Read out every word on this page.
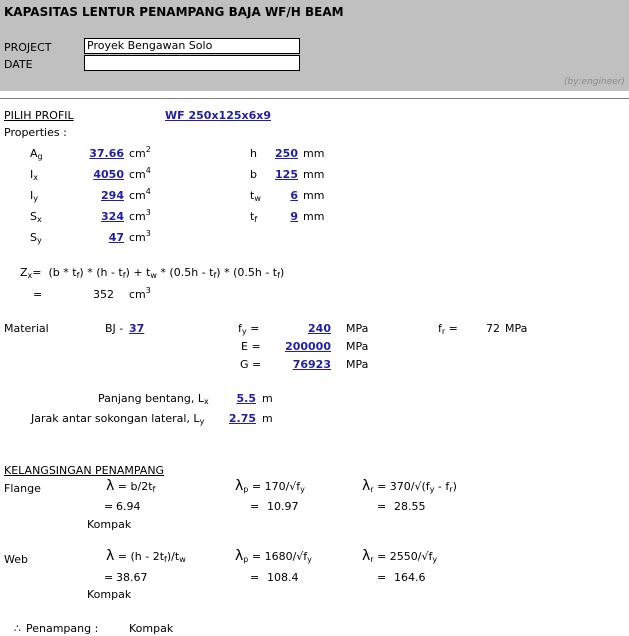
KAPASITAS LENTUR PENAMPANG BAJA WF/H BEAM
PROJECT	Proyek Bengawan Solo
DATE
(by:engineer)
PILIH PROFIL	WF 250x125x6x9
Properties :
$A_g$	37.66 $cm^2$
$I_x$	4050 $cm^4$
$I_y$	294 $cm^4$
$S_x$	324 $cm^3$
$S_y$	47 $cm^3$
h	250 mm
b	125 mm
$t_w$	6 mm
$t_f$	9 mm
$Z_x= (b * t_f) * (h - t_f) + t_w * (0.5h - t_f) * (0.5h - t_f)$
=	352 $cm^3$
Material	BJ - 37	$f_y$ =	240 MPa
E =	200000 MPa
G =	76923 MPa
$f_r$ =	72 MPa
Panjang bentang, $L_x$	5.5 m
Jarak antar sokongan lateral, $L_y$	2.75 m
KELANGSINGAN PENAMPANG
Flange	$\lambda = b/2t_f$	$\lambda_p = 170/√f_y$	$\lambda_r = 370/√(f_y - f_r)$
= 6.94	= 10.97	= 28.55
Kompak
Web	$\lambda = (h - 2t_f)/t_w$	$\lambda_p = 1680/√f_y$	$\lambda_r = 2550/√f_y$
= 38.67	= 108.4	= 164.6
Kompak
∴ Penampang :	Kompak
